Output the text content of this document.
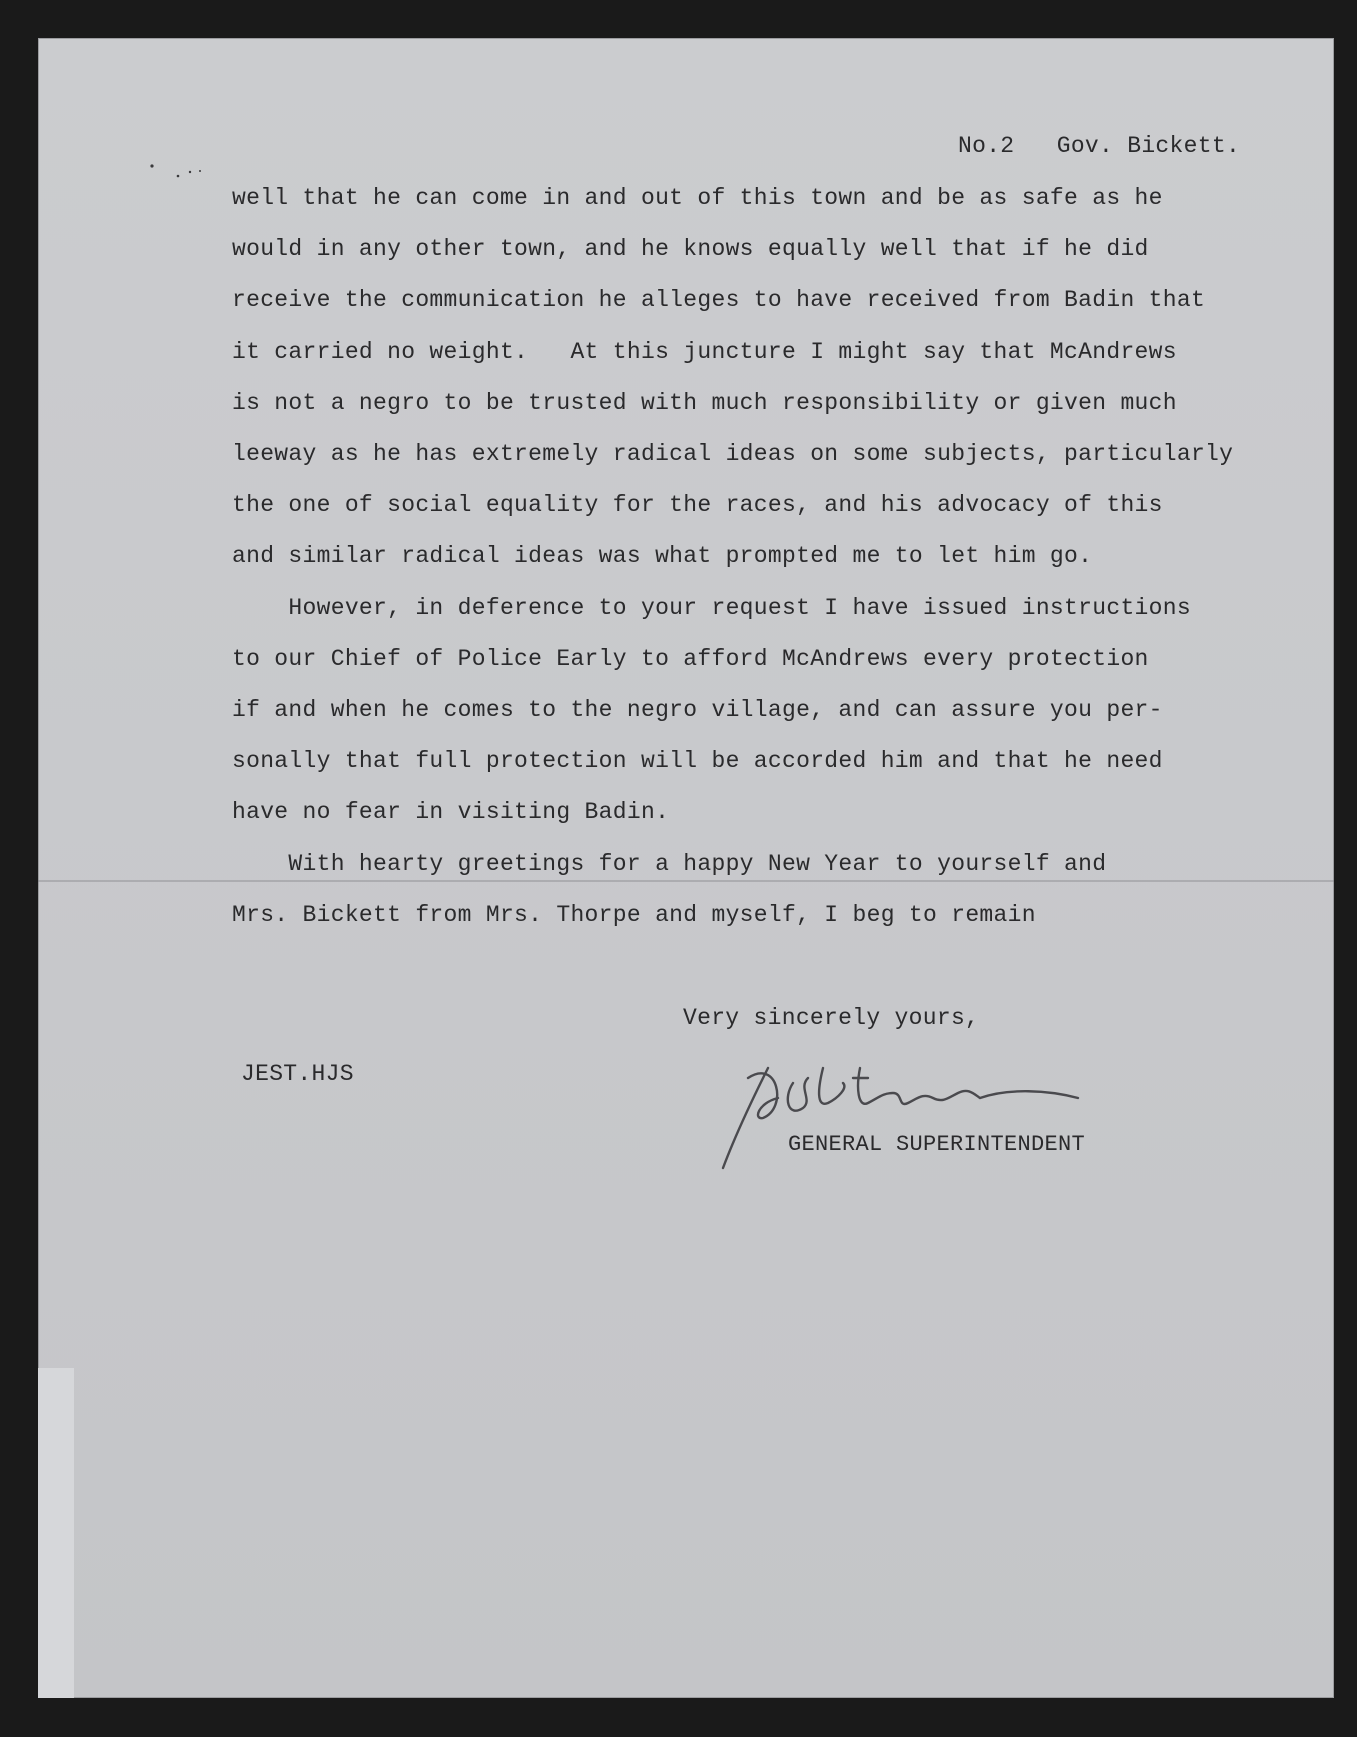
No.2   Gov. Bickett.
well that he can come in and out of this town and be as safe as he
would in any other town, and he knows equally well that if he did
receive the communication he alleges to have received from Badin that
it carried no weight.   At this juncture I might say that McAndrews
is not a negro to be trusted with much responsibility or given much
leeway as he has extremely radical ideas on some subjects, particularly
the one of social equality for the races, and his advocacy of this
and similar radical ideas was what prompted me to let him go.
However, in deference to your request I have issued instructions
to our Chief of Police Early to afford McAndrews every protection
if and when he comes to the negro village, and can assure you per-
sonally that full protection will be accorded him and that he need
have no fear in visiting Badin.
With hearty greetings for a happy New Year to yourself and
Mrs. Bickett from Mrs. Thorpe and myself, I beg to remain
Very sincerely yours,
JEST.HJS
GENERAL SUPERINTENDENT
